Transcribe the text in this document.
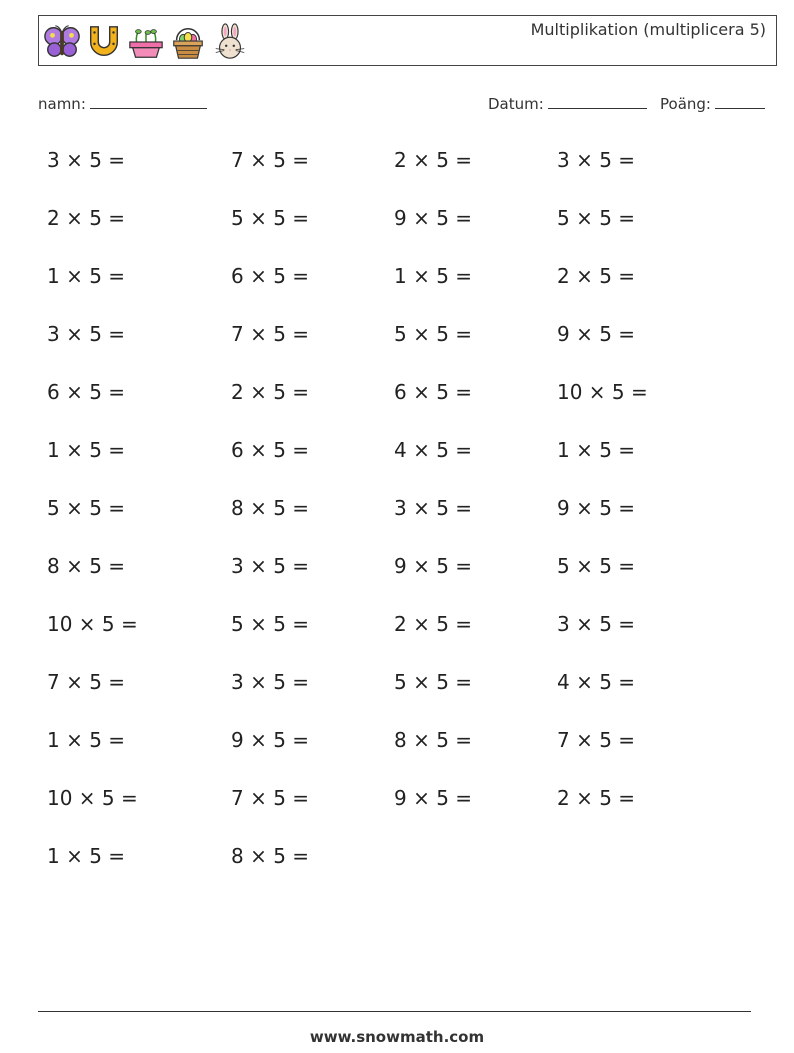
Multiplikation (multiplicera 5)
namn:	Datum:	Poäng:
3 × 5 =	7 × 5 =	2 × 5 =	3 × 5 =
2 × 5 =	5 × 5 =	9 × 5 =	5 × 5 =
1 × 5 =	6 × 5 =	1 × 5 =	2 × 5 =
3 × 5 =	7 × 5 =	5 × 5 =	9 × 5 =
6 × 5 =	2 × 5 =	6 × 5 =	10 × 5 =
1 × 5 =	6 × 5 =	4 × 5 =	1 × 5 =
5 × 5 =	8 × 5 =	3 × 5 =	9 × 5 =
8 × 5 =	3 × 5 =	9 × 5 =	5 × 5 =
10 × 5 =	5 × 5 =	2 × 5 =	3 × 5 =
7 × 5 =	3 × 5 =	5 × 5 =	4 × 5 =
1 × 5 =	9 × 5 =	8 × 5 =	7 × 5 =
10 × 5 =	7 × 5 =	9 × 5 =	2 × 5 =
1 × 5 =	8 × 5 =
www.snowmath.com
